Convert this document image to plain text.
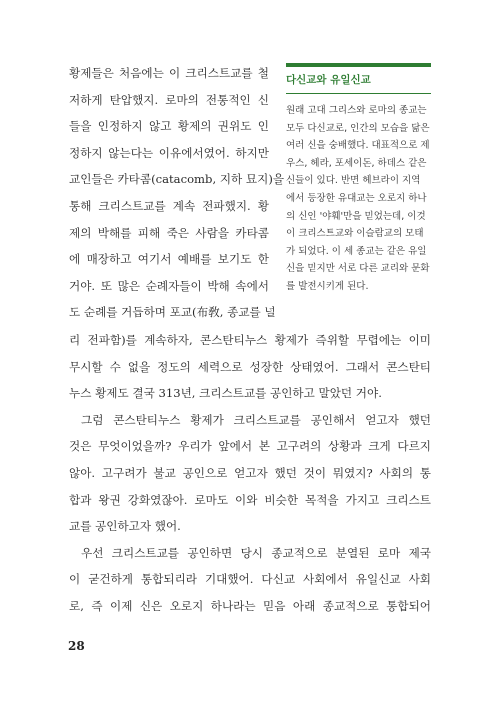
황제들은 처음에는 이 크리스트교를 철
저하게 탄압했지. 로마의 전통적인 신
들을 인정하지 않고 황제의 권위도 인
정하지 않는다는 이유에서였어. 하지만
교인들은 카타콤(catacomb, 지하 묘지)을
통해 크리스트교를 계속 전파했지. 황
제의 박해를 피해 죽은 사람을 카타콤
에 매장하고 여기서 예배를 보기도 한
거야. 또 많은 순례자들이 박해 속에서
도 순례를 거듭하며 포교(布敎, 종교를 널
다신교와 유일신교
원래 고대 그리스와 로마의 종교는
모두 다신교로, 인간의 모습을 닮은
여러 신을 숭배했다. 대표적으로 제
우스, 헤라, 포세이돈, 하데스 같은
신들이 있다. 반면 헤브라이 지역
에서 등장한 유대교는 오로지 하나
의 신인 '야훼'만을 믿었는데, 이것
이 크리스트교와 이슬람교의 모태
가 되었다. 이 세 종교는 같은 유일
신을 믿지만 서로 다른 교리와 문화
를 발전시키게 된다.
리 전파함)를 계속하자, 콘스탄티누스 황제가 즉위할 무렵에는 이미
무시할 수 없을 정도의 세력으로 성장한 상태였어. 그래서 콘스탄티
누스 황제도 결국 313년, 크리스트교를 공인하고 말았던 거야.
그럼 콘스탄티누스 황제가 크리스트교를 공인해서 얻고자 했던
것은 무엇이었을까? 우리가 앞에서 본 고구려의 상황과 크게 다르지
않아. 고구려가 불교 공인으로 얻고자 했던 것이 뭐였지? 사회의 통
합과 왕권 강화였잖아. 로마도 이와 비슷한 목적을 가지고 크리스트
교를 공인하고자 했어.
우선 크리스트교를 공인하면 당시 종교적으로 분열된 로마 제국
이 굳건하게 통합되리라 기대했어. 다신교 사회에서 유일신교 사회
로, 즉 이제 신은 오로지 하나라는 믿음 아래 종교적으로 통합되어
28
